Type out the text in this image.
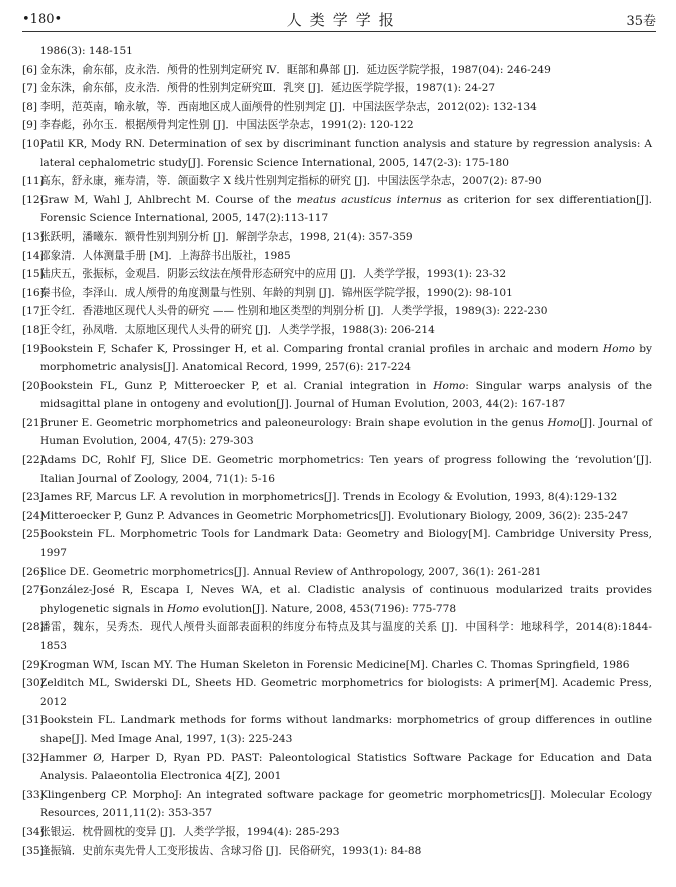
•180•	人类学学报	35卷
1986(3): 148-151
[6] 金东洙，俞东郁，皮永浩．颅骨的性别判定研究 Ⅳ．眶部和鼻部 [J]．延边医学院学报，1987(04): 246-249
[7] 金东洙，俞东郁，皮永浩．颅骨的性别判定研究Ⅲ．乳突 [J]．延边医学院学报，1987(1): 24-27
[8] 李明，范英南，喻永敏，等．西南地区成人面颅骨的性别判定 [J]．中国法医学杂志，2012(02): 132-134
[9] 李春彪，孙尔玉．根据颅骨判定性别 [J]．中国法医学杂志，1991(2): 120-122
[10]
Patil KR, Mody RN. Determination of sex by discriminant function analysis and stature by regression analysis: A lateral cephalometric study[J]. Forensic Science International, 2005, 147(2-3): 175-180
[11]
高东，舒永康，雍寿清，等．颌面数字 X 线片性别判定指标的研究 [J]．中国法医学杂志，2007(2): 87-90
[12]
Graw M, Wahl J, Ahlbrecht M. Course of the meatus acusticus internus as criterion for sex differentiation[J]. Forensic Science International, 2005, 147(2):113-117
[13]
张跃明，潘曦东．额骨性别判别分析 [J]．解剖学杂志，1998, 21(4): 357-359
[14]
邵象清．人体测量手册 [M]．上海辞书出版社，1985
[15]
陆庆五，张振标，金观昌．阴影云纹法在颅骨形态研究中的应用 [J]．人类学学报，1993(1): 23-32
[16]
秦书俭，李泽山．成人颅骨的角度测量与性别、年龄的判别 [J]．锦州医学院学报，1990(2): 98-101
[17]
王令红．香港地区现代人头骨的研究 —— 性别和地区类型的判别分析 [J]．人类学学报，1989(3): 222-230
[18]
王令红，孙凤喈．太原地区现代人头骨的研究 [J]．人类学学报，1988(3): 206-214
[19]
Bookstein F, Schafer K, Prossinger H, et al. Comparing frontal cranial profiles in archaic and modern Homo by morphometric analysis[J]. Anatomical Record, 1999, 257(6): 217-224
[20]
Bookstein FL, Gunz P, Mitteroecker P, et al. Cranial integration in Homo: Singular warps analysis of the midsagittal plane in ontogeny and evolution[J]. Journal of Human Evolution, 2003, 44(2): 167-187
[21]
Bruner E. Geometric morphometrics and paleoneurology: Brain shape evolution in the genus Homo[J]. Journal of Human Evolution, 2004, 47(5): 279-303
[22]
Adams DC, Rohlf FJ, Slice DE. Geometric morphometrics: Ten years of progress following the ‘revolution’[J]. Italian Journal of Zoology, 2004, 71(1): 5-16
[23]
James RF, Marcus LF. A revolution in morphometrics[J]. Trends in Ecology & Evolution, 1993, 8(4):129-132
[24]
Mitteroecker P, Gunz P. Advances in Geometric Morphometrics[J]. Evolutionary Biology, 2009, 36(2): 235-247
[25]
Bookstein FL. Morphometric Tools for Landmark Data: Geometry and Biology[M]. Cambridge University Press, 1997
[26]
Slice DE. Geometric morphometrics[J]. Annual Review of Anthropology, 2007, 36(1): 261-281
[27]
González-José R, Escapa I, Neves WA, et al. Cladistic analysis of continuous modularized traits provides phylogenetic signals in Homo evolution[J]. Nature, 2008, 453(7196): 775-778
[28]
潘雷，魏东，吴秀杰．现代人颅骨头面部表面积的纬度分布特点及其与温度的关系 [J]．中国科学：地球科学，2014(8):1844-1853
[29]
Krogman WM, Iscan MY. The Human Skeleton in Forensic Medicine[M]. Charles C. Thomas Springfield, 1986
[30]
Zelditch ML, Swiderski DL, Sheets HD. Geometric morphometrics for biologists: A primer[M]. Academic Press, 2012
[31]
Bookstein FL. Landmark methods for forms without landmarks: morphometrics of group differences in outline shape[J]. Med Image Anal, 1997, 1(3): 225-243
[32]
Hammer Ø, Harper D, Ryan PD. PAST: Paleontological Statistics Software Package for Education and Data Analysis. Palaeontolia Electronica 4[Z], 2001
[33]
Klingenberg CP. MorphoJ: An integrated software package for geometric morphometrics[J]. Molecular Ecology Resources, 2011,11(2): 353-357
[34]
张银运．枕骨圆枕的变异 [J]．人类学学报，1994(4): 285-293
[35]
逢振镐．史前东夷先骨人工变形拔齿、含球习俗 [J]．民俗研究，1993(1): 84-88
